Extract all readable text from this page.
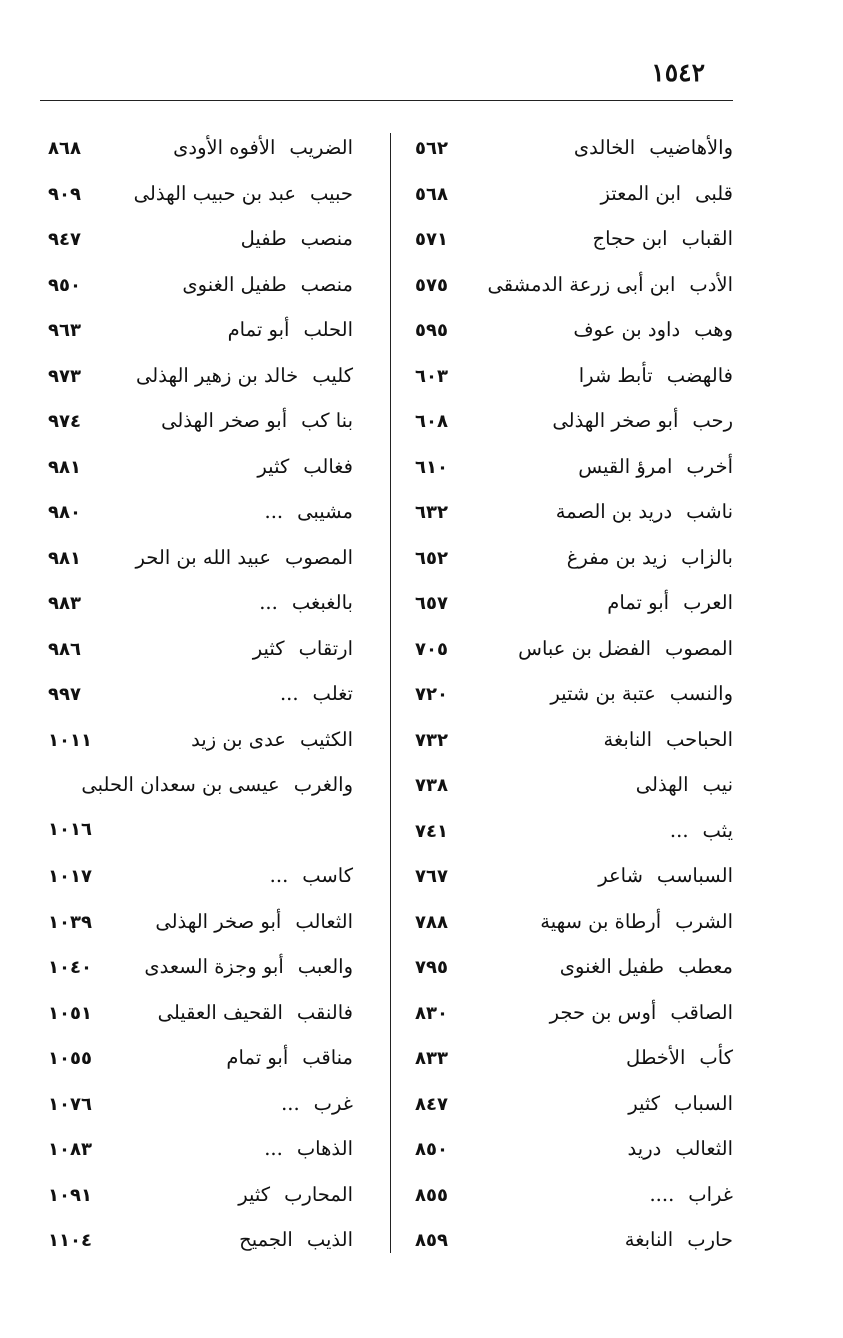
١٥٤٢
والأهاضيب
الخالدى
٥٦٢
قلبى
ابن المعتز
٥٦٨
القباب
ابن حجاج
٥٧١
الأدب
ابن أبى زرعة الدمشقى
٥٧٥
وهب
داود بن عوف
٥٩٥
فالهضب
تأبط شرا
٦٠٣
رحب
أبو صخر الهذلى
٦٠٨
أخرب
امرؤ القيس
٦١٠
ناشب
دريد بن الصمة
٦٣٢
بالزاب
زيد بن مفرغ
٦٥٢
العرب
أبو تمام
٦٥٧
المصوب
الفضل بن عباس
٧٠٥
والنسب
عتبة بن شتير
٧٢٠
الحباحب
النابغة
٧٣٢
نيب
الهذلى
٧٣٨
يثب
...
٧٤١
السباسب
شاعر
٧٦٧
الشرب
أرطاة بن سهية
٧٨٨
معطب
طفيل الغنوى
٧٩٥
الصاقب
أوس بن حجر
٨٣٠
كأب
الأخطل
٨٣٣
السباب
كثير
٨٤٧
الثعالب
دريد
٨٥٠
غراب
....
٨٥٥
حارب
النابغة
٨٥٩
الضريب
الأفوه الأودى
٨٦٨
حبيب
عبد بن حبيب الهذلى
٩٠٩
منصب
طفيل
٩٤٧
منصب
طفيل الغنوى
٩٥٠
الحلب
أبو تمام
٩٦٣
كليب
خالد بن زهير الهذلى
٩٧٣
بنا كب
أبو صخر الهذلى
٩٧٤
فغالب
كثير
٩٨١
مشيبى
...
٩٨٠
المصوب
عبيد الله بن الحر
٩٨١
بالغبغب
...
٩٨٣
ارتقاب
كثير
٩٨٦
تغلب
...
٩٩٧
الكثيب
عدى بن زيد
١٠١١
والغرب
عيسى بن سعدان الحلبى
١٠١٦
كاسب
...
١٠١٧
الثعالب
أبو صخر الهذلى
١٠٣٩
والعبب
أبو وجزة السعدى
١٠٤٠
فالنقب
القحيف العقيلى
١٠٥١
مناقب
أبو تمام
١٠٥٥
غرب
...
١٠٧٦
الذهاب
...
١٠٨٣
المحارب
كثير
١٠٩١
الذيب
الجميح
١١٠٤
